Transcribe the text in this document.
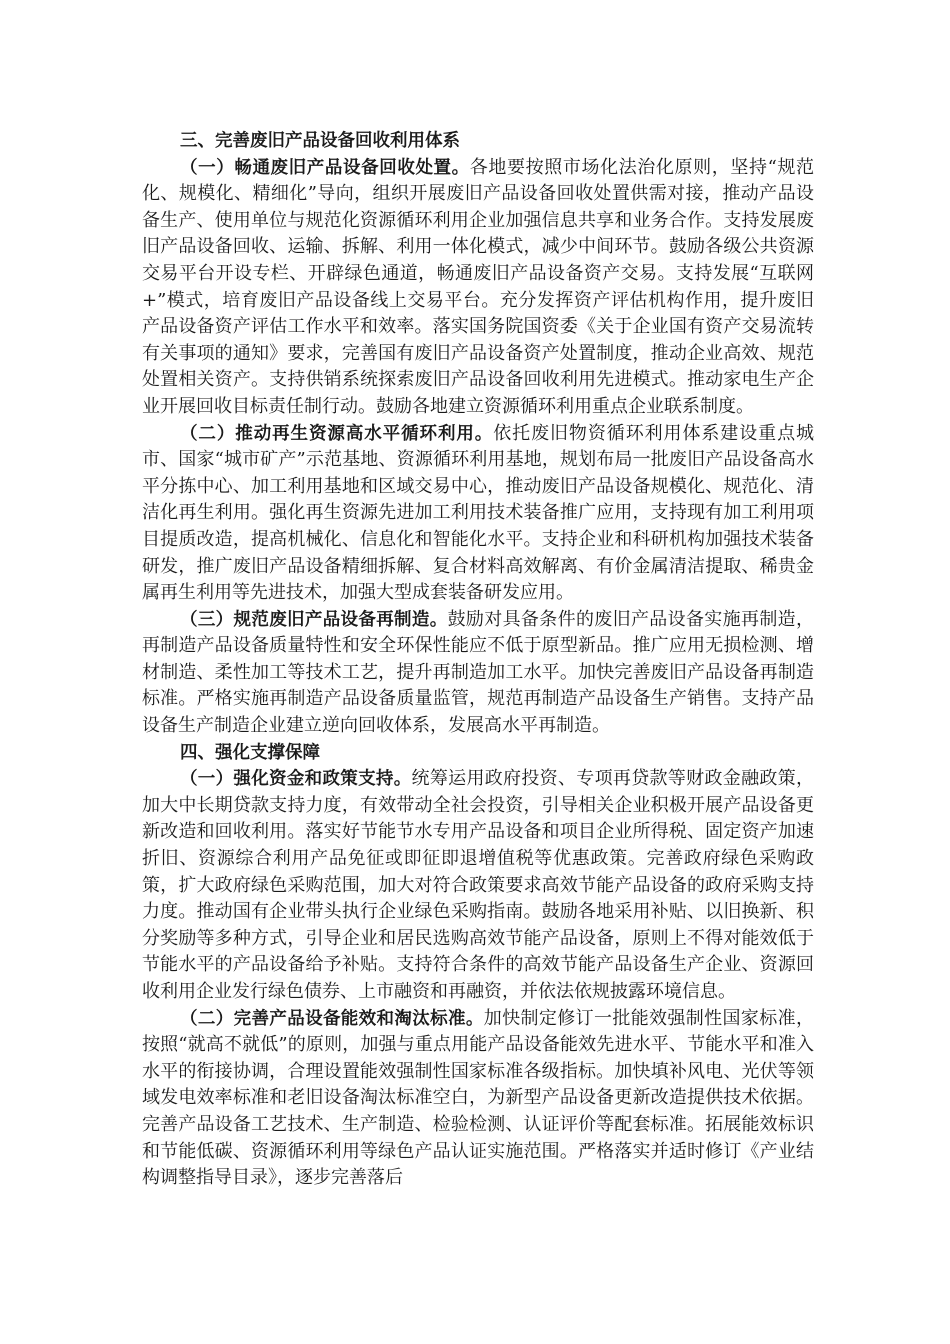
三、完善废旧产品设备回收利用体系

（一）畅通废旧产品设备回收处置。各地要按照市场化法治化原则，坚持“规范化、规模化、精细化”导向，组织开展废旧产品设备回收处置供需对接，推动产品设备生产、使用单位与规范化资源循环利用企业加强信息共享和业务合作。支持发展废旧产品设备回收、运输、拆解、利用一体化模式，减少中间环节。鼓励各级公共资源交易平台开设专栏、开辟绿色通道，畅通废旧产品设备资产交易。支持发展“互联网+”模式，培育废旧产品设备线上交易平台。充分发挥资产评估机构作用，提升废旧产品设备资产评估工作水平和效率。落实国务院国资委《关于企业国有资产交易流转有关事项的通知》要求，完善国有废旧产品设备资产处置制度，推动企业高效、规范处置相关资产。支持供销系统探索废旧产品设备回收利用先进模式。推动家电生产企业开展回收目标责任制行动。鼓励各地建立资源循环利用重点企业联系制度。

（二）推动再生资源高水平循环利用。依托废旧物资循环利用体系建设重点城市、国家“城市矿产”示范基地、资源循环利用基地，规划布局一批废旧产品设备高水平分拣中心、加工利用基地和区域交易中心，推动废旧产品设备规模化、规范化、清洁化再生利用。强化再生资源先进加工利用技术装备推广应用，支持现有加工利用项目提质改造，提高机械化、信息化和智能化水平。支持企业和科研机构加强技术装备研发，推广废旧产品设备精细拆解、复合材料高效解离、有价金属清洁提取、稀贵金属再生利用等先进技术，加强大型成套装备研发应用。

（三）规范废旧产品设备再制造。鼓励对具备条件的废旧产品设备实施再制造，再制造产品设备质量特性和安全环保性能应不低于原型新品。推广应用无损检测、增材制造、柔性加工等技术工艺，提升再制造加工水平。加快完善废旧产品设备再制造标准。严格实施再制造产品设备质量监管，规范再制造产品设备生产销售。支持产品设备生产制造企业建立逆向回收体系，发展高水平再制造。

四、强化支撑保障

（一）强化资金和政策支持。统筹运用政府投资、专项再贷款等财政金融政策，加大中长期贷款支持力度，有效带动全社会投资，引导相关企业积极开展产品设备更新改造和回收利用。落实好节能节水专用产品设备和项目企业所得税、固定资产加速折旧、资源综合利用产品免征或即征即退增值税等优惠政策。完善政府绿色采购政策，扩大政府绿色采购范围，加大对符合政策要求高效节能产品设备的政府采购支持力度。推动国有企业带头执行企业绿色采购指南。鼓励各地采用补贴、以旧换新、积分奖励等多种方式，引导企业和居民选购高效节能产品设备，原则上不得对能效低于节能水平的产品设备给予补贴。支持符合条件的高效节能产品设备生产企业、资源回收利用企业发行绿色债券、上市融资和再融资，并依法依规披露环境信息。

（二）完善产品设备能效和淘汰标准。加快制定修订一批能效强制性国家标准，按照“就高不就低”的原则，加强与重点用能产品设备能效先进水平、节能水平和准入水平的衔接协调，合理设置能效强制性国家标准各级指标。加快填补风电、光伏等领域发电效率标准和老旧设备淘汰标准空白，为新型产品设备更新改造提供技术依据。完善产品设备工艺技术、生产制造、检验检测、认证评价等配套标准。拓展能效标识和节能低碳、资源循环利用等绿色产品认证实施范围。严格落实并适时修订《产业结构调整指导目录》，逐步完善落后
